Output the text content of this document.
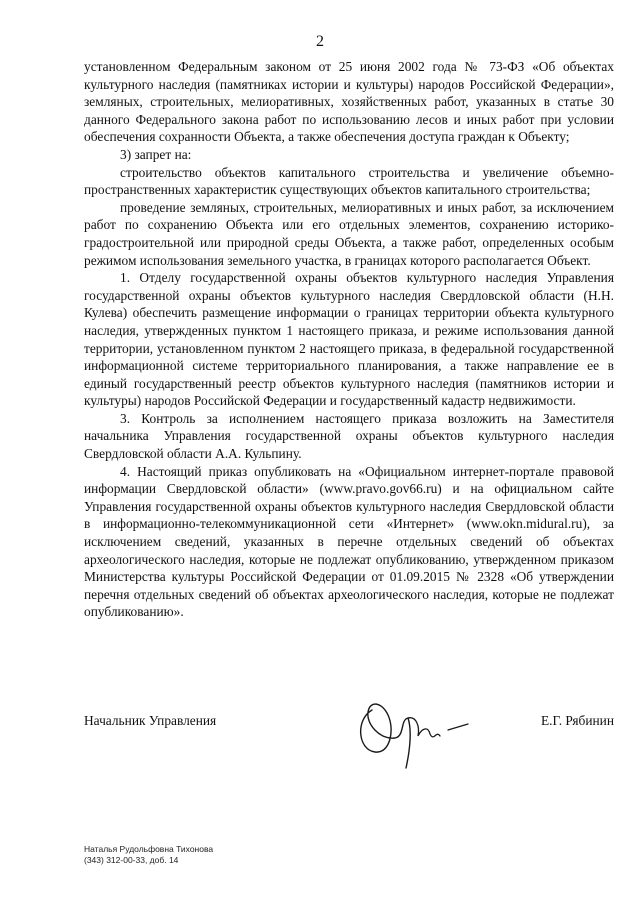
2

установленном Федеральным законом от 25 июня 2002 года № 73-ФЗ «Об объектах культурного наследия (памятниках истории и культуры) народов Российской Федерации», земляных, строительных, мелиоративных, хозяйственных работ, указанных в статье 30 данного Федерального закона работ по использованию лесов и иных работ при условии обеспечения сохранности Объекта, а также обеспечения доступа граждан к Объекту;

3) запрет на:

строительство объектов капитального строительства и увеличение объемно-пространственных характеристик существующих объектов капитального строительства;

проведение земляных, строительных, мелиоративных и иных работ, за исключением работ по сохранению Объекта или его отдельных элементов, сохранению историко-градостроительной или природной среды Объекта, а также работ, определенных особым режимом использования земельного участка, в границах которого располагается Объект.

1. Отделу государственной охраны объектов культурного наследия Управления государственной охраны объектов культурного наследия Свердловской области (Н.Н. Кулева) обеспечить размещение информации о границах территории объекта культурного наследия, утвержденных пунктом 1 настоящего приказа, и режиме использования данной территории, установленном пунктом 2 настоящего приказа, в федеральной государственной информационной системе территориального планирования, а также направление ее в единый государственный реестр объектов культурного наследия (памятников истории и культуры) народов Российской Федерации и государственный кадастр недвижимости.

3. Контроль за исполнением настоящего приказа возложить на Заместителя начальника Управления государственной охраны объектов культурного наследия Свердловской области А.А. Кульпину.

4. Настоящий приказ опубликовать на «Официальном интернет-портале правовой информации Свердловской области» (www.pravo.gov66.ru) и на официальном сайте Управления государственной охраны объектов культурного наследия Свердловской области в информационно-телекоммуникационной сети «Интернет» (www.okn.midural.ru), за исключением сведений, указанных в перечне отдельных сведений об объектах археологического наследия, которые не подлежат опубликованию, утвержденном приказом Министерства культуры Российской Федерации от 01.09.2015 № 2328 «Об утверждении перечня отдельных сведений об объектах археологического наследия, которые не подлежат опубликованию».

Начальник Управления	Е.Г. Рябинин
Наталья Рудольфовна Тихонова
(343) 312-00-33, доб. 14
